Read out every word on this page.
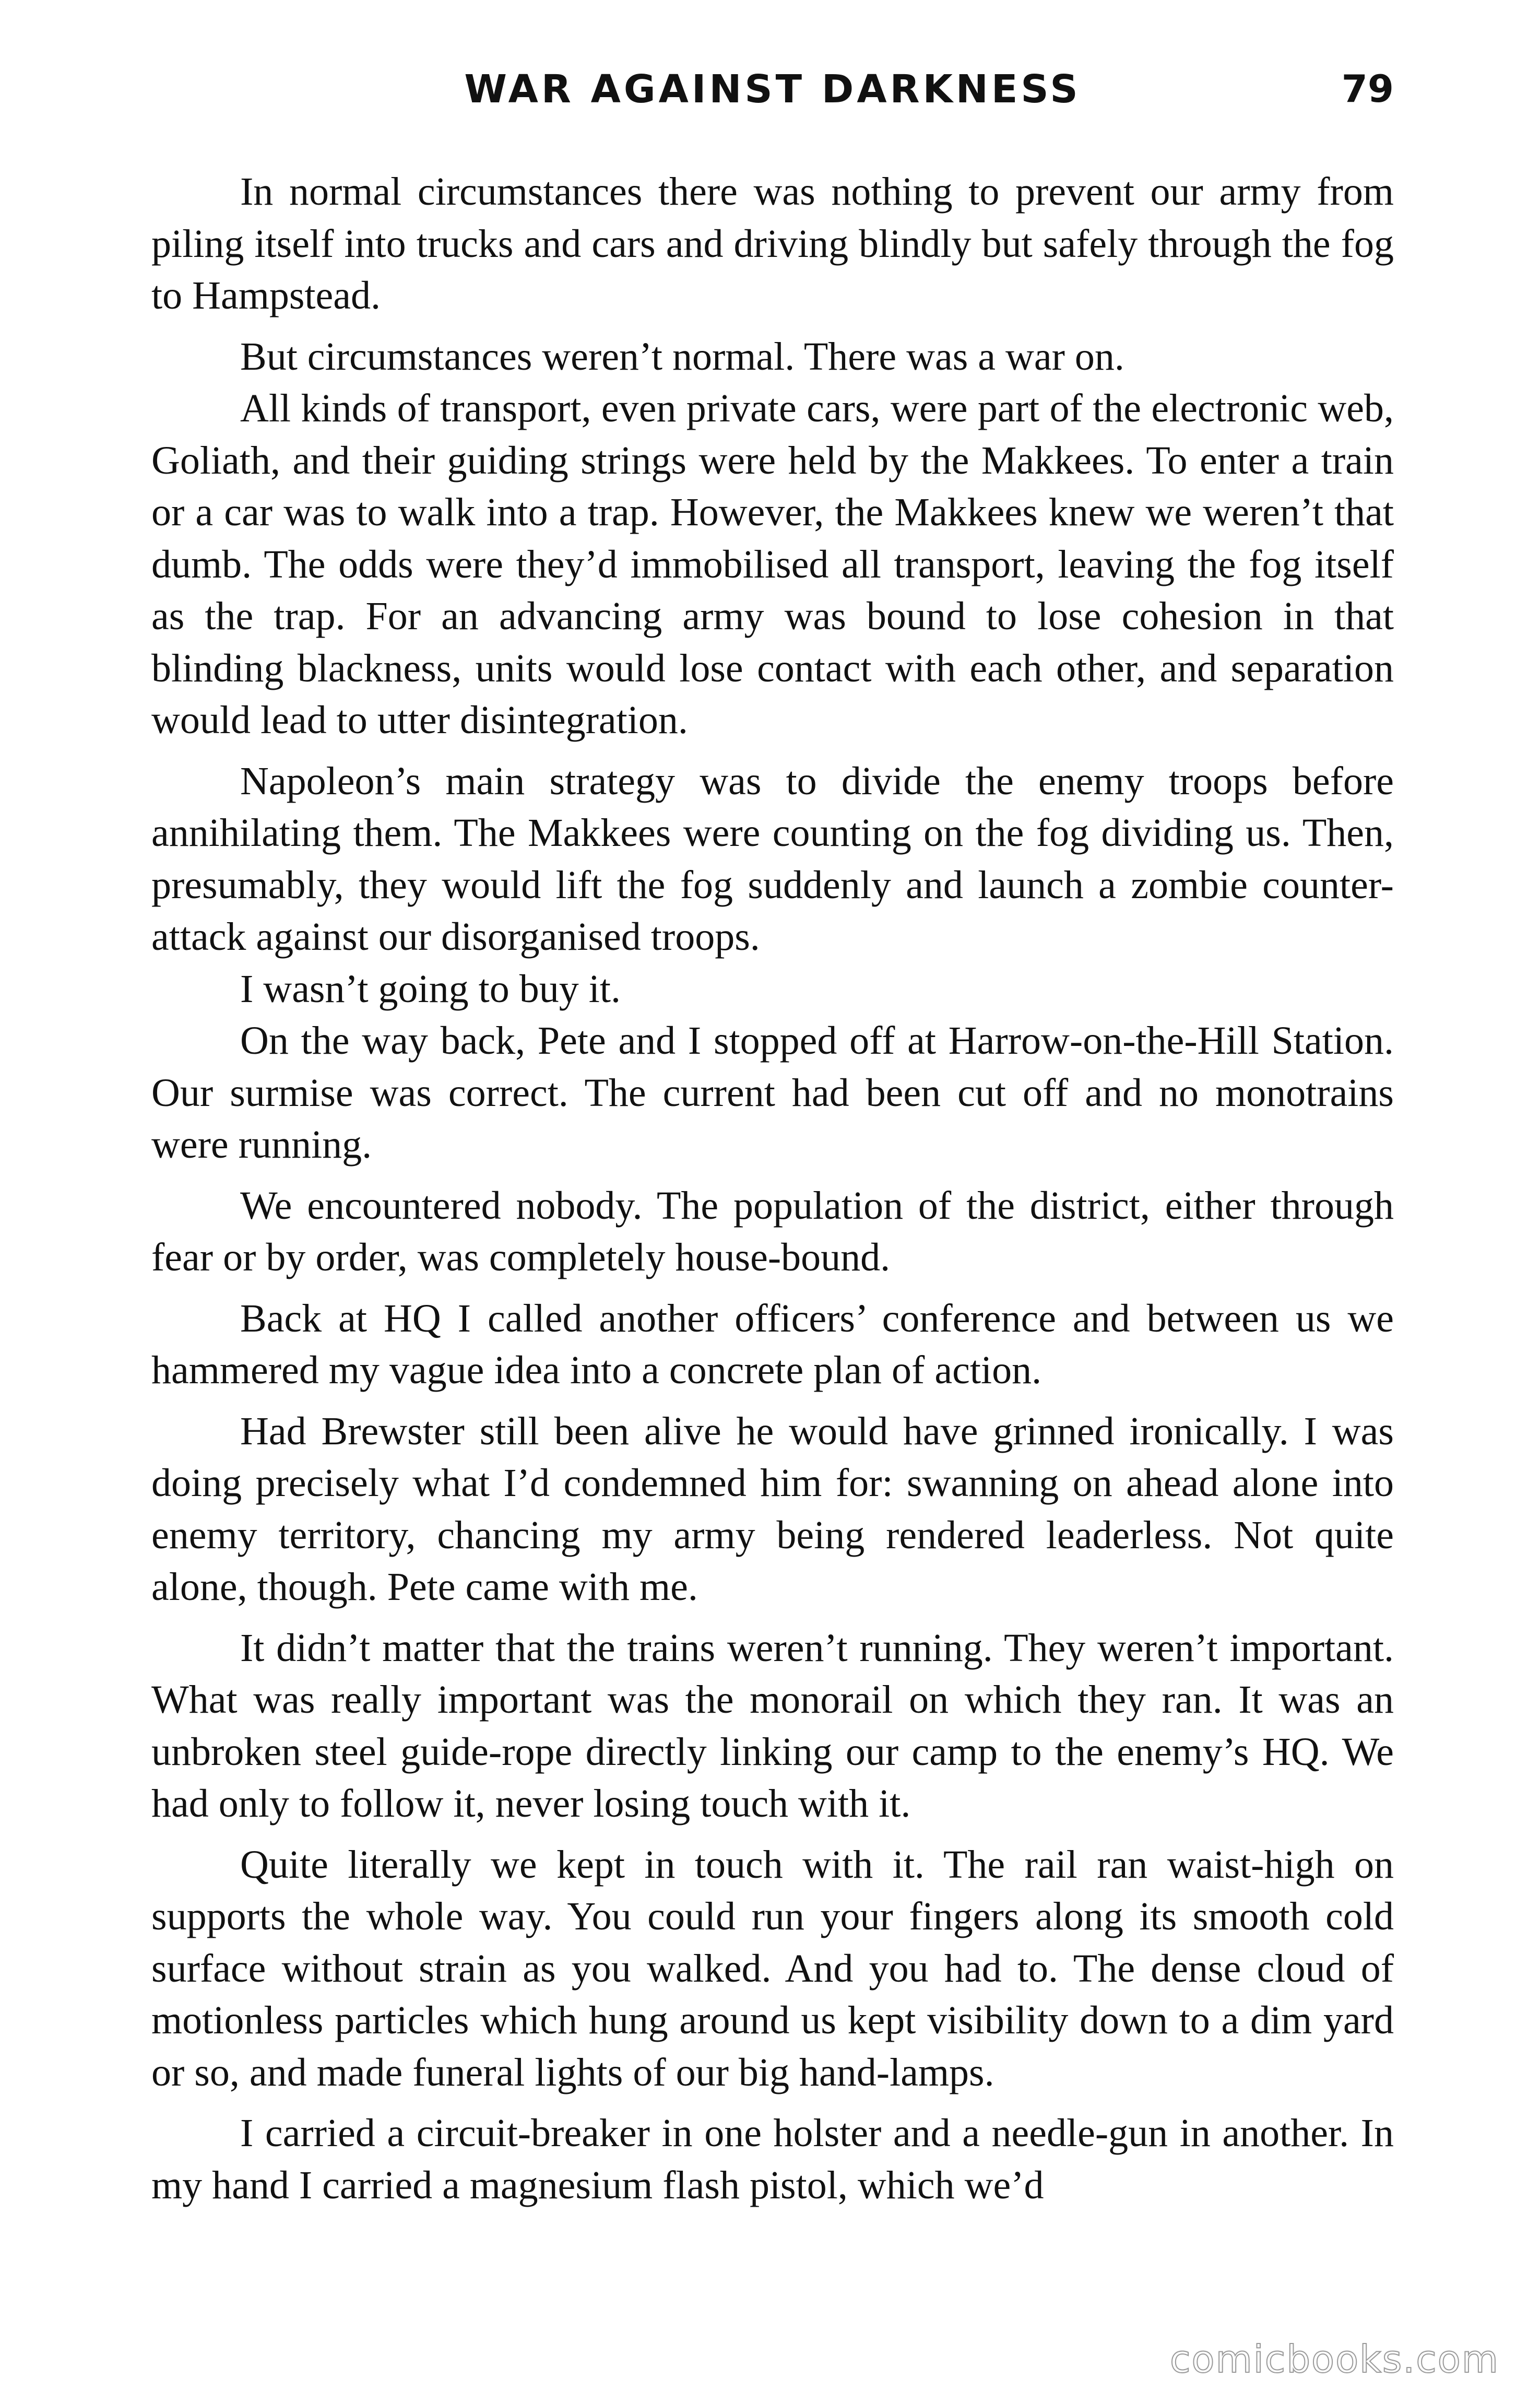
WAR AGAINST DARKNESS	79

In normal circumstances there was nothing to prevent our army from piling itself into trucks and cars and driving blindly but safely through the fog to Hampstead.

But circumstances weren’t normal. There was a war on.

All kinds of transport, even private cars, were part of the electronic web, Goliath, and their guiding strings were held by the Makkees. To enter a train or a car was to walk into a trap. However, the Makkees knew we weren’t that dumb. The odds were they’d immobilised all transport, leaving the fog itself as the trap. For an advancing army was bound to lose cohesion in that blinding blackness, units would lose contact with each other, and separation would lead to utter disintegration.

Napoleon’s main strategy was to divide the enemy troops before annihilating them. The Makkees were counting on the fog dividing us. Then, presumably, they would lift the fog suddenly and launch a zombie counter-attack against our disorganised troops.

I wasn’t going to buy it.

On the way back, Pete and I stopped off at Harrow-on-the-Hill Station. Our surmise was correct. The current had been cut off and no monotrains were running.

We encountered nobody. The population of the district, either through fear or by order, was completely house-bound.

Back at HQ I called another officers’ conference and between us we hammered my vague idea into a concrete plan of action.

Had Brewster still been alive he would have grinned ironically. I was doing precisely what I’d condemned him for: swanning on ahead alone into enemy territory, chancing my army being rendered leaderless. Not quite alone, though. Pete came with me.

It didn’t matter that the trains weren’t running. They weren’t important. What was really important was the monorail on which they ran. It was an unbroken steel guide-rope directly linking our camp to the enemy’s HQ. We had only to follow it, never losing touch with it.

Quite literally we kept in touch with it. The rail ran waist-high on supports the whole way. You could run your fingers along its smooth cold surface without strain as you walked. And you had to. The dense cloud of motionless particles which hung around us kept visibility down to a dim yard or so, and made funeral lights of our big hand-lamps.

I carried a circuit-breaker in one holster and a needle-gun in another. In my hand I carried a magnesium flash pistol, which we’d

comicbooks.com
